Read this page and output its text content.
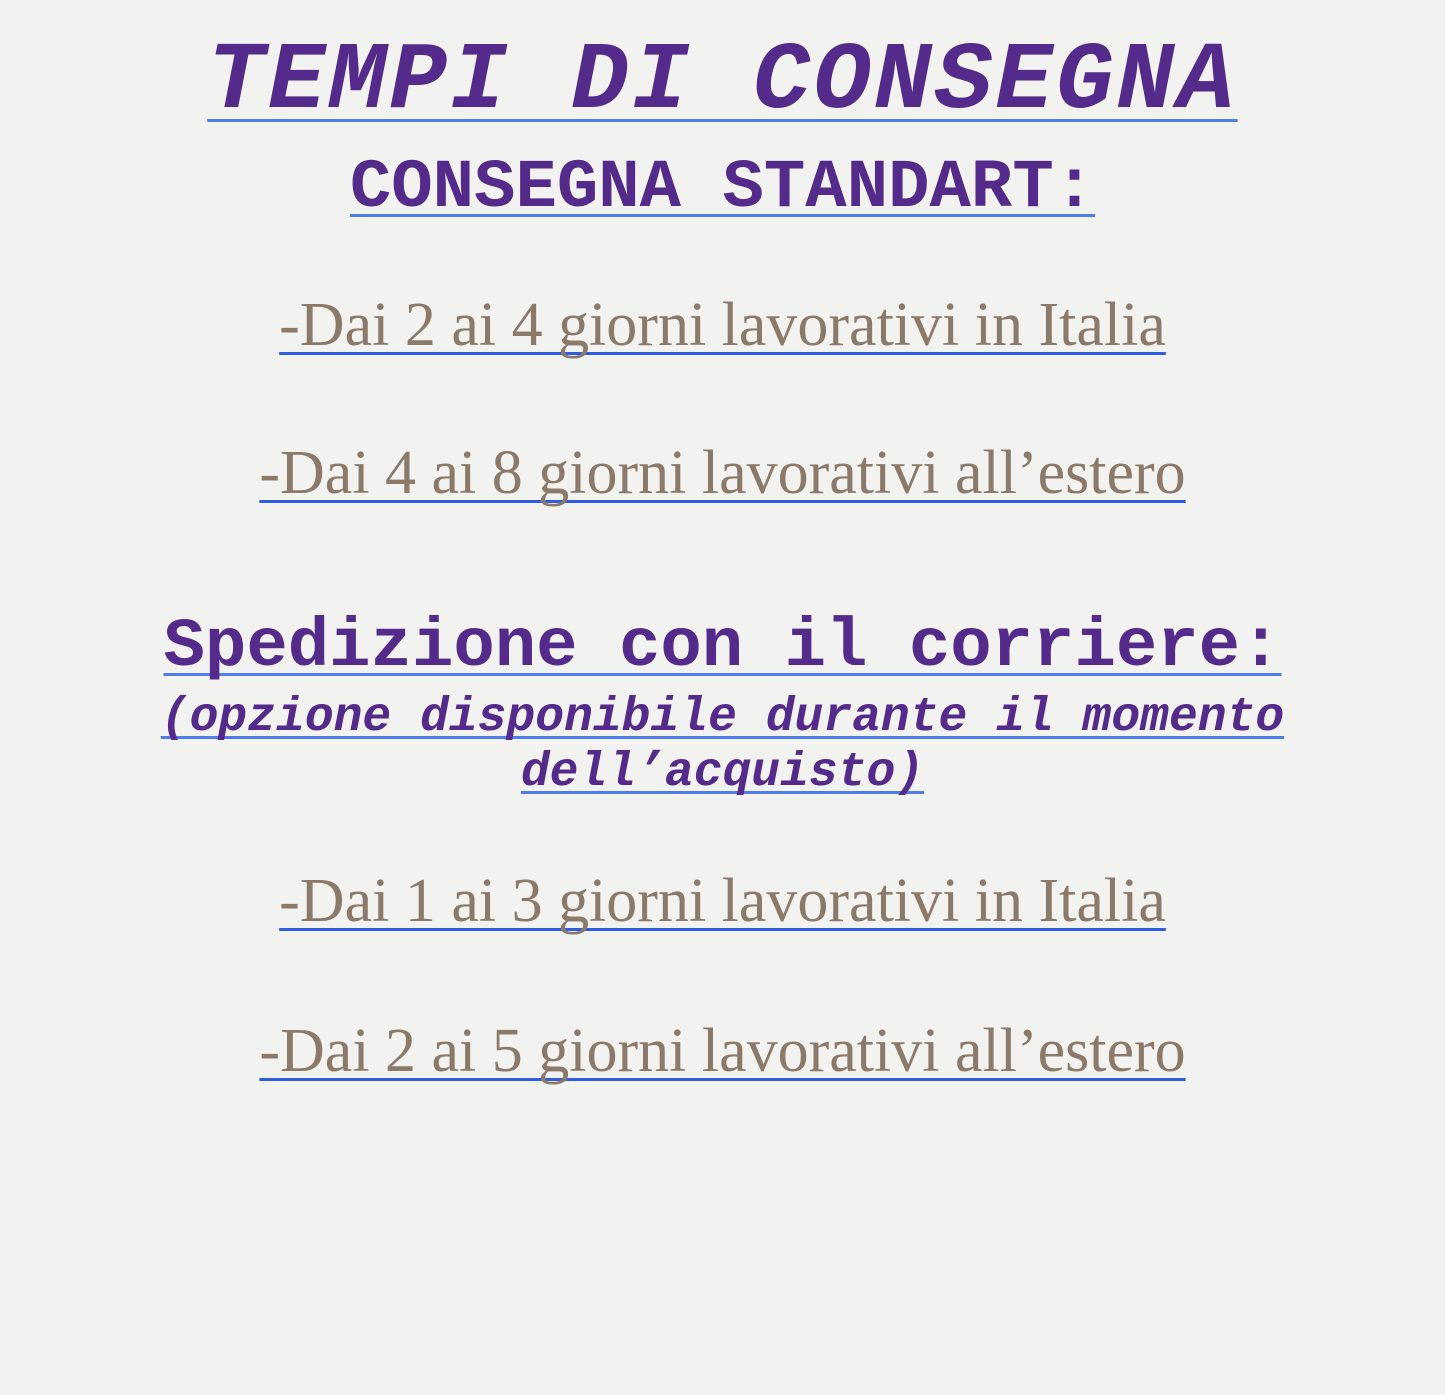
TEMPI DI CONSEGNA
CONSEGNA STANDART:

-Dai 2 ai 4 giorni lavorativi in Italia

-Dai 4 ai 8 giorni lavorativi all’estero

Spedizione con il corriere:

(opzione disponibile durante il momento
dell’acquisto)

-Dai 1 ai 3 giorni lavorativi in Italia

-Dai 2 ai 5 giorni lavorativi all’estero
